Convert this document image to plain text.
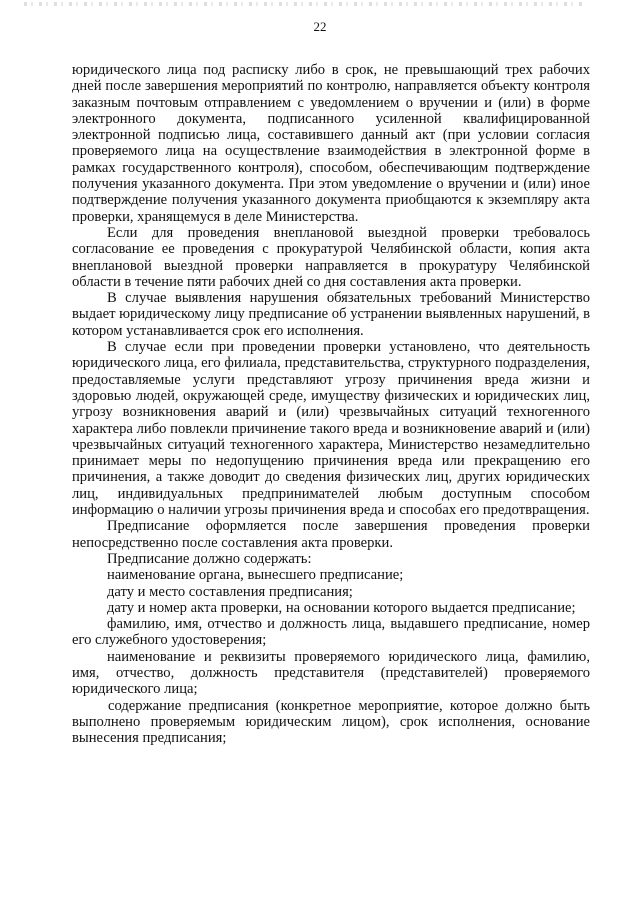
22

юридического лица под расписку либо в срок, не превышающий трех рабочих дней после завершения мероприятий по контролю, направляется объекту контроля заказным почтовым отправлением с уведомлением о вручении и (или) в форме электронного документа, подписанного усиленной квалифицированной электронной подписью лица, составившего данный акт (при условии согласия проверяемого лица на осуществление взаимодействия в электронной форме в рамках государственного контроля), способом, обеспечивающим подтверждение получения указанного документа. При этом уведомление о вручении и (или) иное подтверждение получения указанного документа приобщаются к экземпляру акта проверки, хранящемуся в деле Министерства.

Если для проведения внеплановой выездной проверки требовалось согласование ее проведения с прокуратурой Челябинской области, копия акта внеплановой выездной проверки направляется в прокуратуру Челябинской области в течение пяти рабочих дней со дня составления акта проверки.

В случае выявления нарушения обязательных требований Министерство выдает юридическому лицу предписание об устранении выявленных нарушений, в котором устанавливается срок его исполнения.

В случае если при проведении проверки установлено, что деятельность юридического лица, его филиала, представительства, структурного подразделения, предоставляемые услуги представляют угрозу причинения вреда жизни и здоровью людей, окружающей среде, имуществу физических и юридических лиц, угрозу возникновения аварий и (или) чрезвычайных ситуаций техногенного характера либо повлекли причинение такого вреда и возникновение аварий и (или) чрезвычайных ситуаций техногенного характера, Министерство незамедлительно принимает меры по недопущению причинения вреда или прекращению его причинения, а также доводит до сведения физических лиц, других юридических лиц, индивидуальных предпринимателей любым доступным способом информацию о наличии угрозы причинения вреда и способах его предотвращения.

Предписание оформляется после завершения проведения проверки непосредственно после составления акта проверки.

Предписание должно содержать:

наименование органа, вынесшего предписание;

дату и место составления предписания;

дату и номер акта проверки, на основании которого выдается предписание;

фамилию, имя, отчество и должность лица, выдавшего предписание, номер его служебного удостоверения;

наименование и реквизиты проверяемого юридического лица, фамилию, имя, отчество, должность представителя (представителей) проверяемого юридического лица;

содержание предписания (конкретное мероприятие, которое должно быть выполнено проверяемым юридическим лицом), срок исполнения, основание вынесения предписания;
